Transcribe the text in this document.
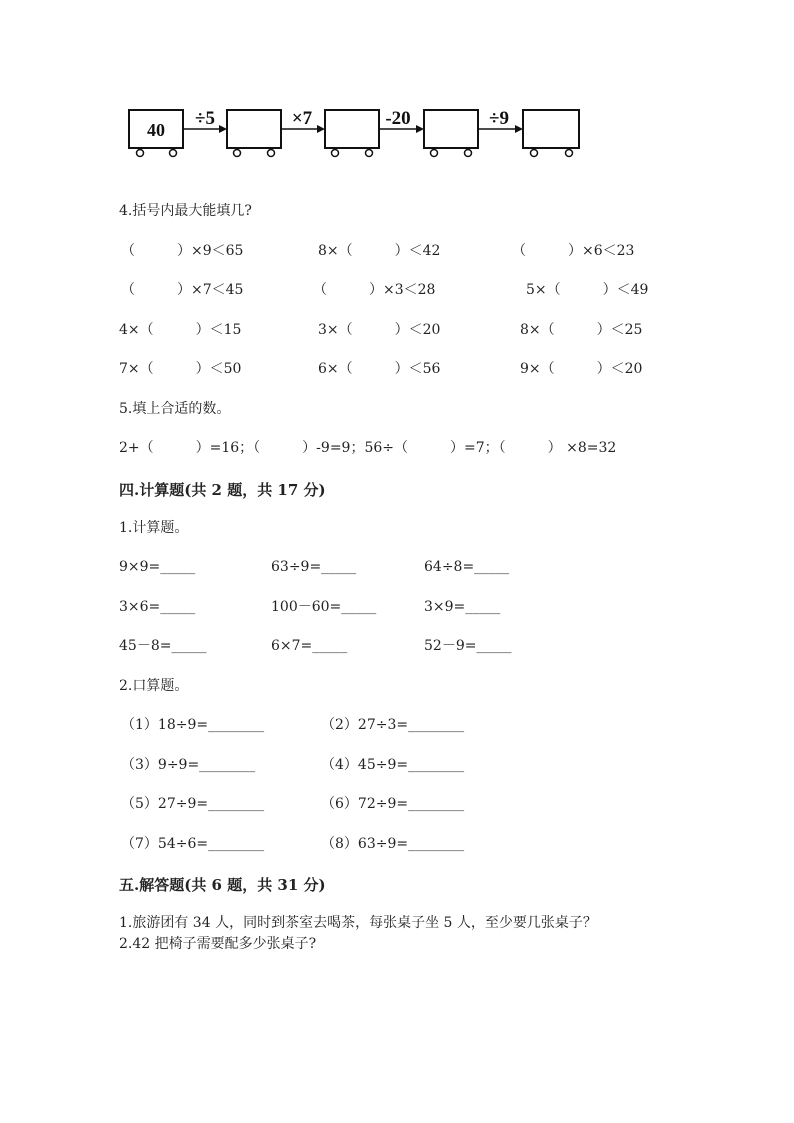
40
÷5	×7	-20	÷9
4.括号内最大能填几?
（　　　）×9＜65	8×（　　　）＜42	（　　　）×6＜23
（　　　）×7＜45	（　　　）×3＜28	5×（　　　）＜49
4×（　　　）＜15	3×（　　　）＜20	8×（　　　）＜25
7×（　　　）＜50	6×（　　　）＜56	9×（　　　）＜20
5.填上合适的数。
2+（　　　）=16；（　　　）-9=9；56÷（　　　）=7；（　　　） ×8=32
四.计算题(共 2 题，共 17 分)
1.计算题。
9×9=_____	63÷9=_____	64÷8=_____
3×6=_____	100－60=_____	3×9=_____
45－8=_____	6×7=_____	52－9=_____
2.口算题。
（1）18÷9=________	（2）27÷3=________
（3）9÷9=________	（4）45÷9=________
（5）27÷9=________	（6）72÷9=________
（7）54÷6=________	（8）63÷9=________
五.解答题(共 6 题，共 31 分)
1.旅游团有 34 人，同时到茶室去喝茶，每张桌子坐 5 人，至少要几张桌子？
2.42 把椅子需要配多少张桌子?
